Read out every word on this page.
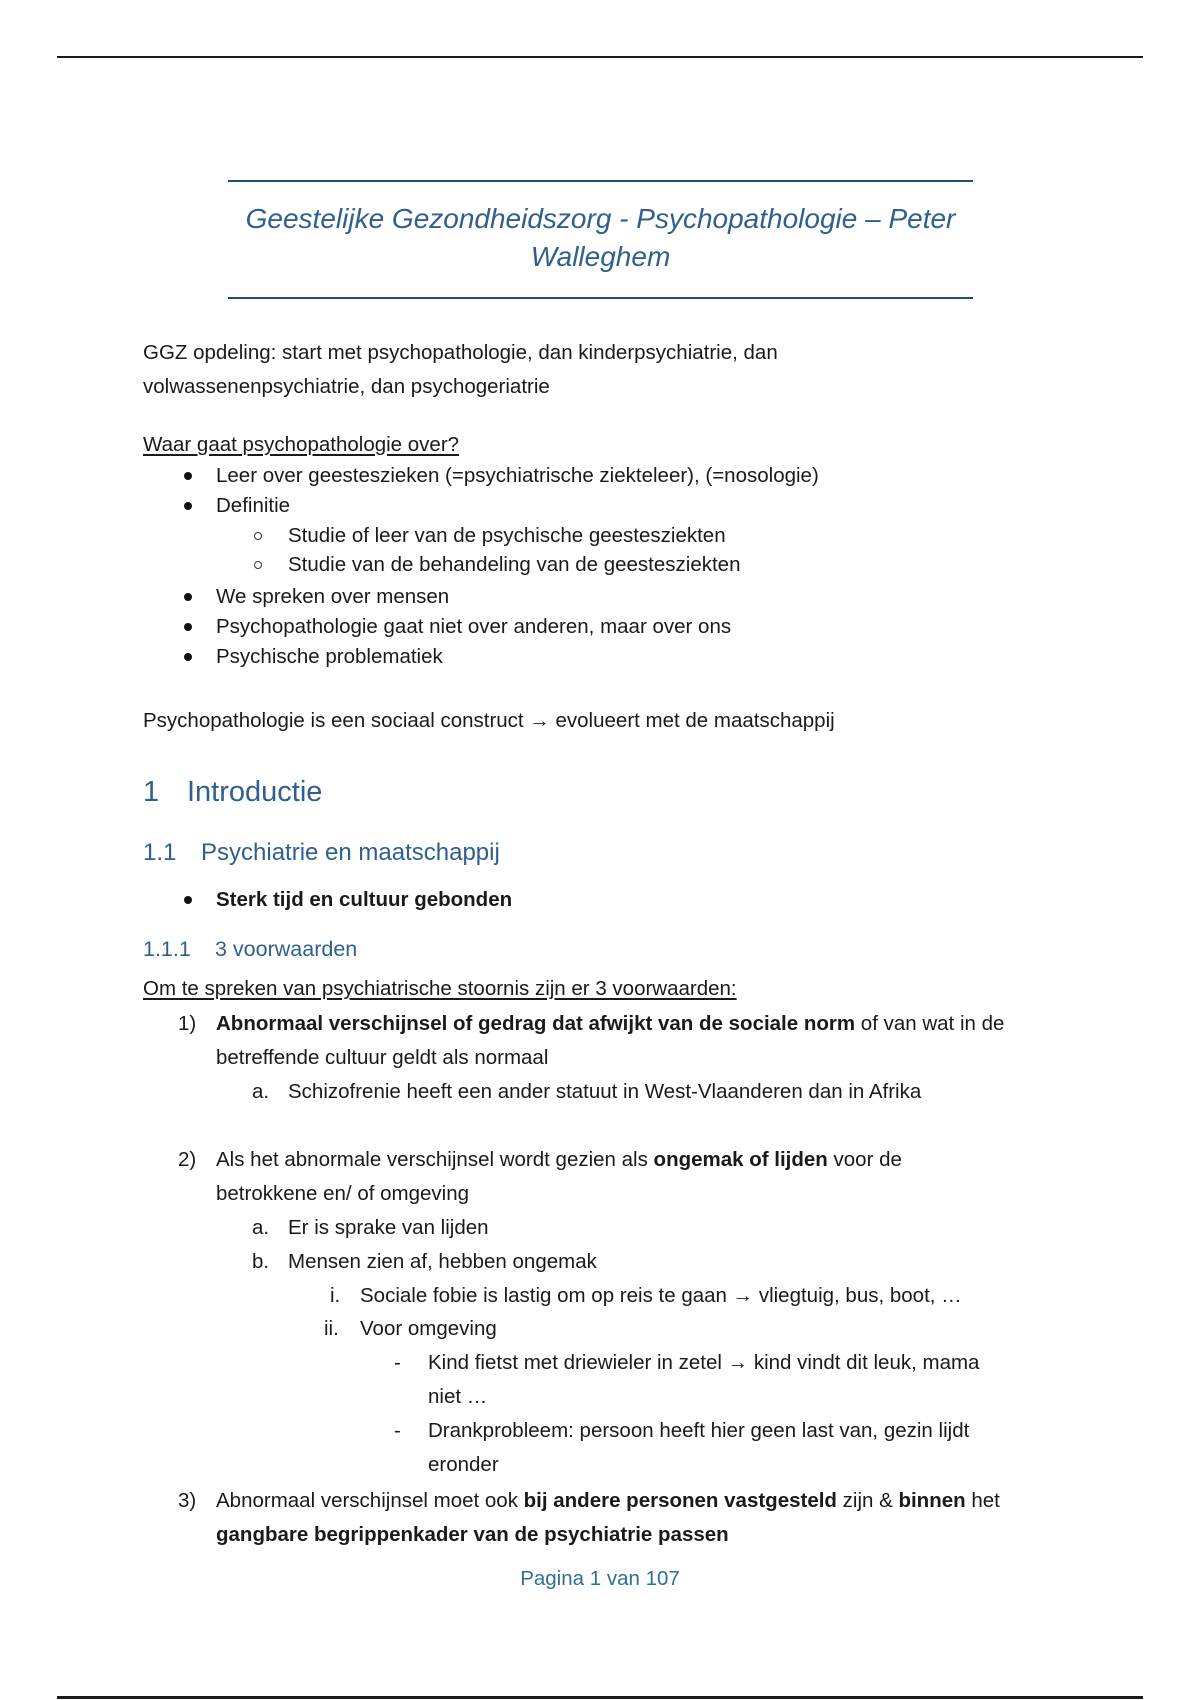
Geestelijke Gezondheidszorg - Psychopathologie – Peter
Walleghem
GGZ opdeling: start met psychopathologie, dan kinderpsychiatrie, dan
volwassenenpsychiatrie, dan psychogeriatrie
Waar gaat psychopathologie over?
Leer over geesteszieken (=psychiatrische ziekteleer), (=nosologie)
Definitie
Studie of leer van de psychische geestesziekten
Studie van de behandeling van de geestesziekten
We spreken over mensen
Psychopathologie gaat niet over anderen, maar over ons
Psychische problematiek
Psychopathologie is een sociaal construct → evolueert met de maatschappij
1 Introductie
1.1 Psychiatrie en maatschappij
Sterk tijd en cultuur gebonden
1.1.1 3 voorwaarden
Om te spreken van psychiatrische stoornis zijn er 3 voorwaarden:
1) Abnormaal verschijnsel of gedrag dat afwijkt van de sociale norm of van wat in de
betreffende cultuur geldt als normaal
a. Schizofrenie heeft een ander statuut in West-Vlaanderen dan in Afrika
2) Als het abnormale verschijnsel wordt gezien als ongemak of lijden voor de
betrokkene en/ of omgeving
a. Er is sprake van lijden
b. Mensen zien af, hebben ongemak
i. Sociale fobie is lastig om op reis te gaan → vliegtuig, bus, boot, …
ii. Voor omgeving
- Kind fietst met driewieler in zetel → kind vindt dit leuk, mama
niet …
- Drankprobleem: persoon heeft hier geen last van, gezin lijdt
eronder
3) Abnormaal verschijnsel moet ook bij andere personen vastgesteld zijn & binnen het
gangbare begrippenkader van de psychiatrie passen
Pagina 1 van 107
